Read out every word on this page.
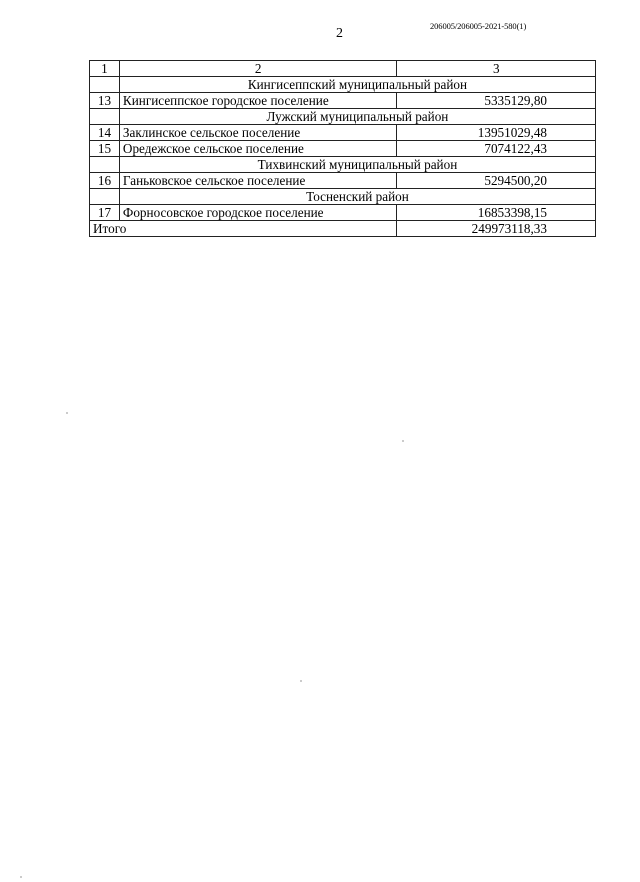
2	206005/206005-2021-580(1)
1	2	3
	Кингисеппский муниципальный район	
13	Кингисеппское городское поселение	5335129,80
	Лужский муниципальный район	
14	Заклинское сельское поселение	13951029,48
15	Оредежское сельское поселение	7074122,43
	Тихвинский муниципальный район	
16	Ганьковское сельское поселение	5294500,20
	Тосненский район	
17	Форносовское городское поселение	16853398,15
Итого		249973118,33
